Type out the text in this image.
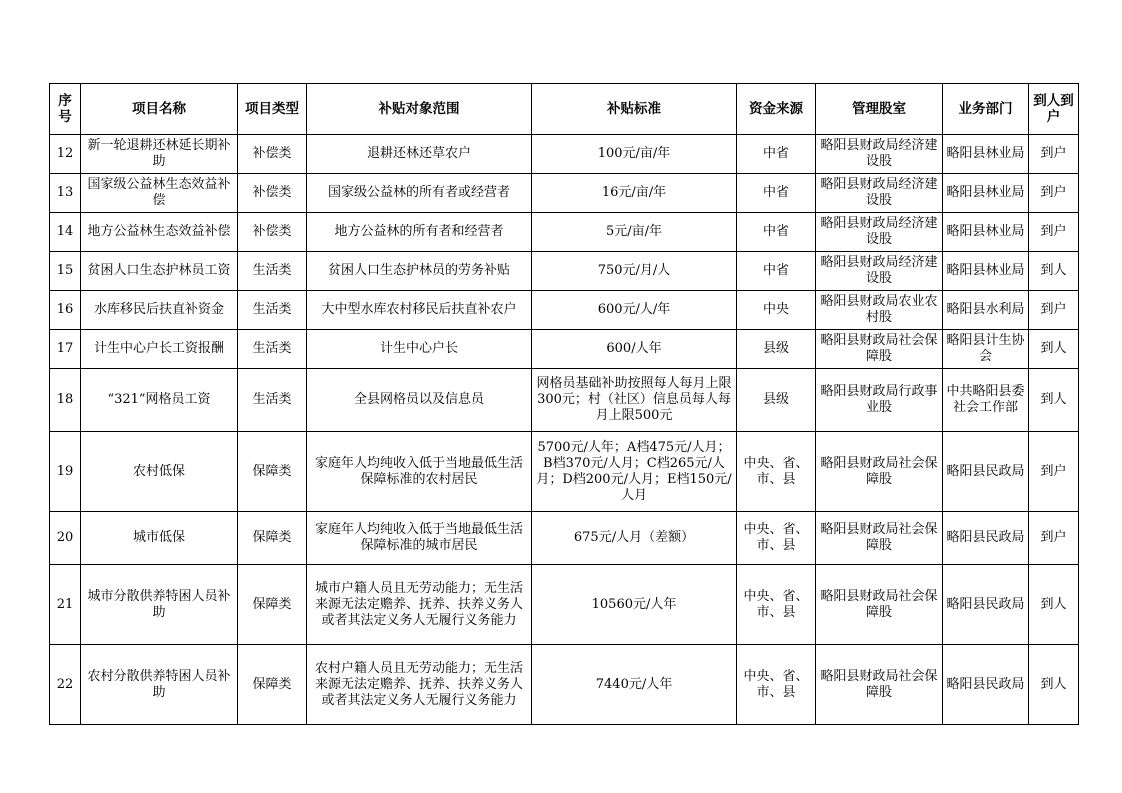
序号	项目名称	项目类型	补贴对象范围	补贴标准	资金来源	管理股室	业务部门	到人到户
12	新一轮退耕还林延长期补助	补偿类	退耕还林还草农户	100元/亩/年	中省	略阳县财政局经济建设股	略阳县林业局	到户
13	国家级公益林生态效益补偿	补偿类	国家级公益林的所有者或经营者	16元/亩/年	中省	略阳县财政局经济建设股	略阳县林业局	到户
14	地方公益林生态效益补偿	补偿类	地方公益林的所有者和经营者	5元/亩/年	中省	略阳县财政局经济建设股	略阳县林业局	到户
15	贫困人口生态护林员工资	生活类	贫困人口生态护林员的劳务补贴	750元/月/人	中省	略阳县财政局经济建设股	略阳县林业局	到人
16	水库移民后扶直补资金	生活类	大中型水库农村移民后扶直补农户	600元/人/年	中央	略阳县财政局农业农村股	略阳县水利局	到户
17	计生中心户长工资报酬	生活类	计生中心户长	600/人年	县级	略阳县财政局社会保障股	略阳县计生协会	到人
18	“321”网格员工资	生活类	全县网格员以及信息员	网格员基础补助按照每人每月上限300元；村（社区）信息员每人每月上限500元	县级	略阳县财政局行政事业股	中共略阳县委社会工作部	到人
19	农村低保	保障类	家庭年人均纯收入低于当地最低生活保障标准的农村居民	5700元/人年；A档475元/人月；B档370元/人月；C档265元/人月；D档200元/人月；E档150元/人月	中央、省、市、县	略阳县财政局社会保障股	略阳县民政局	到户
20	城市低保	保障类	家庭年人均纯收入低于当地最低生活保障标准的城市居民	675元/人月（差额）	中央、省、市、县	略阳县财政局社会保障股	略阳县民政局	到户
21	城市分散供养特困人员补助	保障类	城市户籍人员且无劳动能力；无生活来源无法定赡养、抚养、扶养义务人或者其法定义务人无履行义务能力	10560元/人年	中央、省、市、县	略阳县财政局社会保障股	略阳县民政局	到人
22	农村分散供养特困人员补助	保障类	农村户籍人员且无劳动能力；无生活来源无法定赡养、抚养、扶养义务人或者其法定义务人无履行义务能力	7440元/人年	中央、省、市、县	略阳县财政局社会保障股	略阳县民政局	到人
